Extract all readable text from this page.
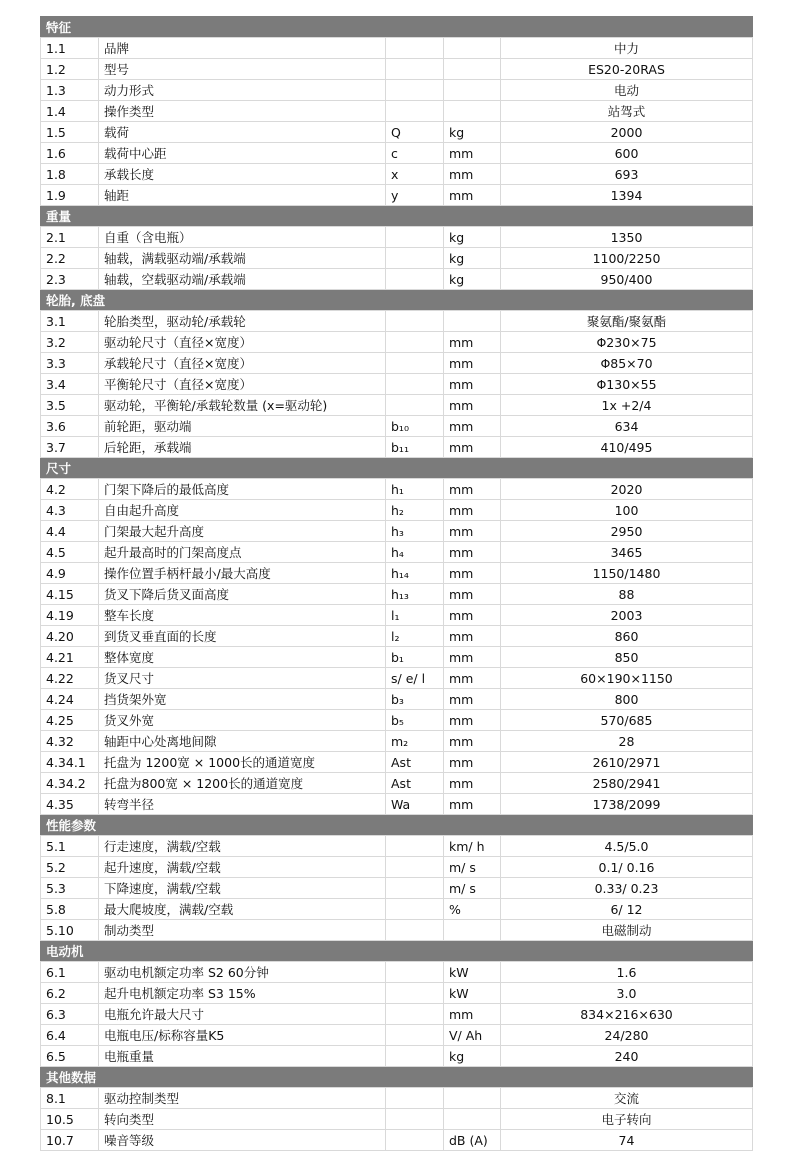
特征				
1.1	品牌			中力
1.2	型号			ES20-20RAS
1.3	动力形式			电动
1.4	操作类型			站驾式
1.5	载荷	Q	kg	2000
1.6	载荷中心距	c	mm	600
1.8	承载长度	x	mm	693
1.9	轴距	y	mm	1394
重量				
2.1	自重（含电瓶）		kg	1350
2.2	轴载，满载驱动端/承载端		kg	1100/2250
2.3	轴载，空载驱动端/承载端		kg	950/400
轮胎, 底盘				
3.1	轮胎类型，驱动轮/承载轮			聚氨酯/聚氨酯
3.2	驱动轮尺寸（直径×宽度）		mm	Φ230×75
3.3	承载轮尺寸（直径×宽度）		mm	Φ85×70
3.4	平衡轮尺寸（直径×宽度）		mm	Φ130×55
3.5	驱动轮，平衡轮/承载轮数量 (x=驱动轮)		mm	1x +2/4
3.6	前轮距，驱动端	b₁₀	mm	634
3.7	后轮距，承载端	b₁₁	mm	410/495
尺寸				
4.2	门架下降后的最低高度	h₁	mm	2020
4.3	自由起升高度	h₂	mm	100
4.4	门架最大起升高度	h₃	mm	2950
4.5	起升最高时的门架高度点	h₄	mm	3465
4.9	操作位置手柄杆最小/最大高度	h₁₄	mm	1150/1480
4.15	货叉下降后货叉面高度	h₁₃	mm	88
4.19	整车长度	l₁	mm	2003
4.20	到货叉垂直面的长度	l₂	mm	860
4.21	整体宽度	b₁	mm	850
4.22	货叉尺寸	s/ e/ l	mm	60×190×1150
4.24	挡货架外宽	b₃	mm	800
4.25	货叉外宽	b₅	mm	570/685
4.32	轴距中心处离地间隙	m₂	mm	28
4.34.1	托盘为 1200宽 × 1000长的通道宽度	Ast	mm	2610/2971
4.34.2	托盘为800宽 × 1200长的通道宽度	Ast	mm	2580/2941
4.35	转弯半径	Wa	mm	1738/2099
性能参数				
5.1	行走速度，满载/空载		km/ h	4.5/5.0
5.2	起升速度，满载/空载		m/ s	0.1/ 0.16
5.3	下降速度，满载/空载		m/ s	0.33/ 0.23
5.8	最大爬坡度，满载/空载		%	6/ 12
5.10	制动类型			电磁制动
电动机				
6.1	驱动电机额定功率 S2 60分钟		kW	1.6
6.2	起升电机额定功率 S3 15%		kW	3.0
6.3	电瓶允许最大尺寸		mm	834×216×630
6.4	电瓶电压/标称容量K5		V/ Ah	24/280
6.5	电瓶重量		kg	240
其他数据				
8.1	驱动控制类型			交流
10.5	转向类型			电子转向
10.7	噪音等级		dB (A)	74
